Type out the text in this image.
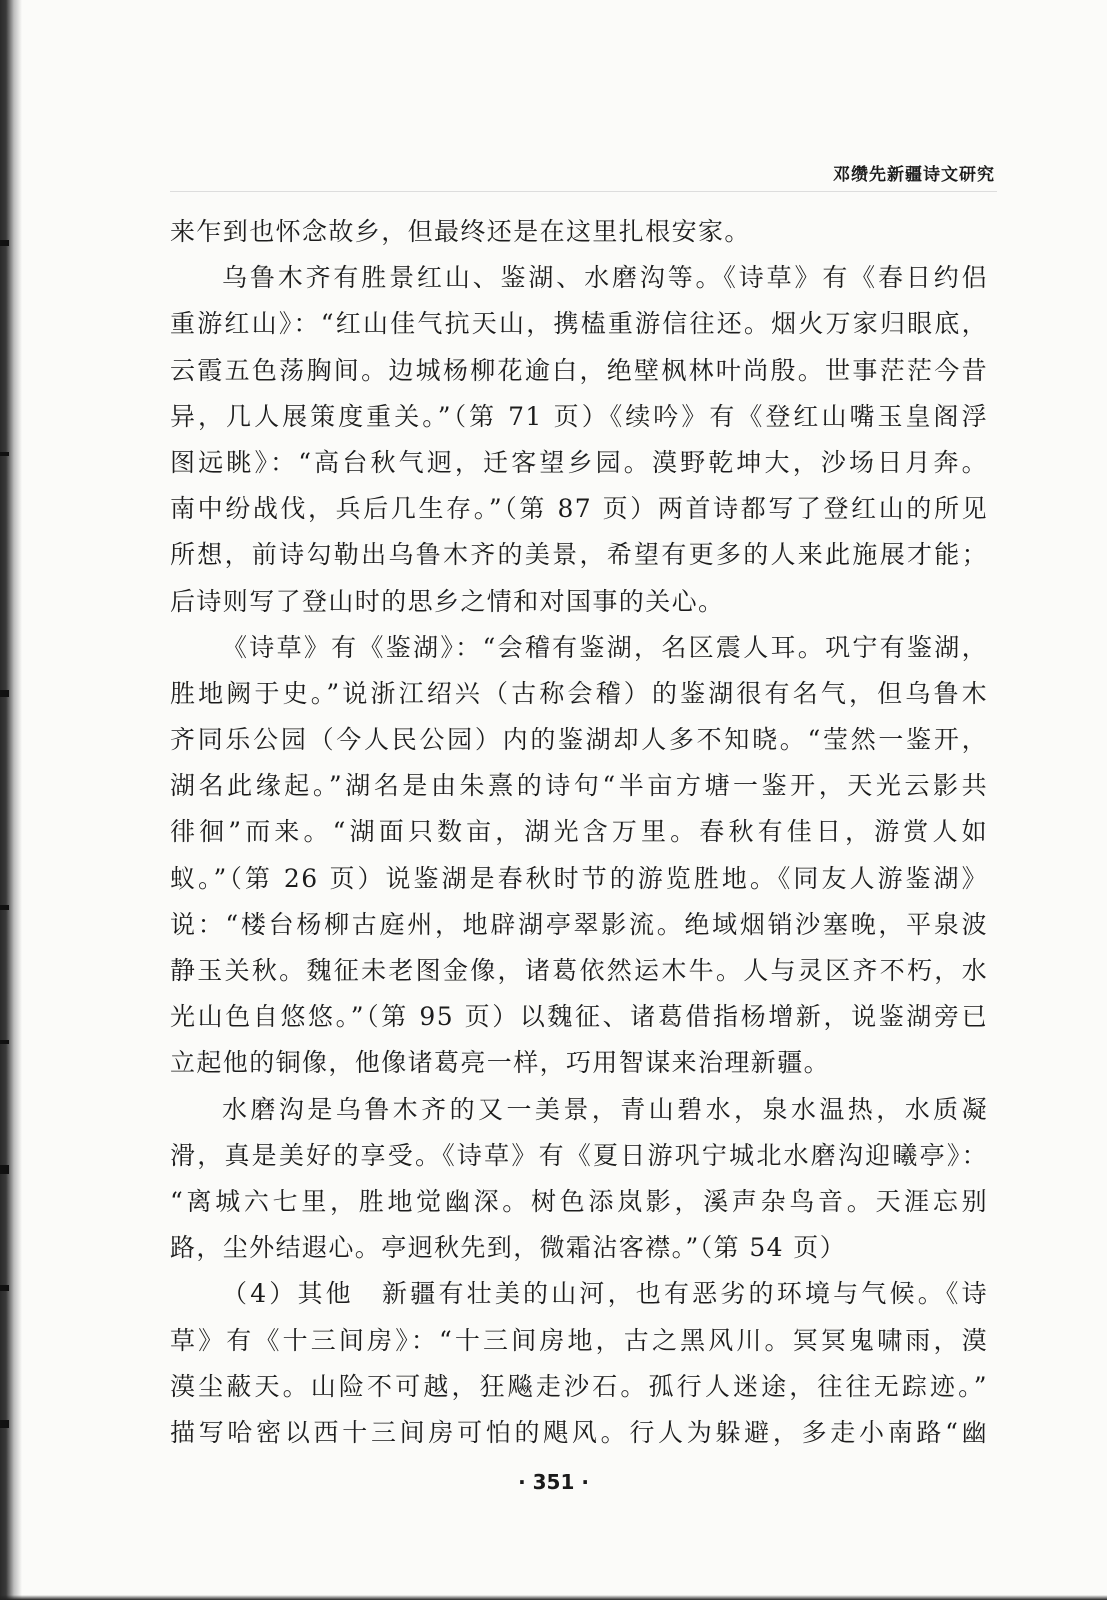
邓缵先新疆诗文研究
来乍到也怀念故乡，但最终还是在这里扎根安家。
乌鲁木齐有胜景红山、鉴湖、水磨沟等。《诗草》有《春日约侣
重游红山》：“红山佳气抗天山，携榼重游信往还。烟火万家归眼底，
云霞五色荡胸间。边城杨柳花逾白，绝壁枫林叶尚殷。世事茫茫今昔
异，几人展策度重关。”（第 71 页）《续吟》有《登红山嘴玉皇阁浮
图远眺》：“高台秋气迥，迁客望乡园。漠野乾坤大，沙场日月奔。
南中纷战伐，兵后几生存。”（第 87 页）两首诗都写了登红山的所见
所想，前诗勾勒出乌鲁木齐的美景，希望有更多的人来此施展才能；
后诗则写了登山时的思乡之情和对国事的关心。
《诗草》有《鉴湖》：“会稽有鉴湖，名区震人耳。巩宁有鉴湖，
胜地阙于史。”说浙江绍兴（古称会稽）的鉴湖很有名气，但乌鲁木
齐同乐公园（今人民公园）内的鉴湖却人多不知晓。“莹然一鉴开，
湖名此缘起。”湖名是由朱熹的诗句“半亩方塘一鉴开，天光云影共
徘徊”而来。“湖面只数亩，湖光含万里。春秋有佳日，游赏人如
蚁。”（第 26 页）说鉴湖是春秋时节的游览胜地。《同友人游鉴湖》
说：“楼台杨柳古庭州，地辟湖亭翠影流。绝域烟销沙塞晚，平泉波
静玉关秋。魏征未老图金像，诸葛依然运木牛。人与灵区齐不朽，水
光山色自悠悠。”（第 95 页）以魏征、诸葛借指杨增新，说鉴湖旁已
立起他的铜像，他像诸葛亮一样，巧用智谋来治理新疆。
水磨沟是乌鲁木齐的又一美景，青山碧水，泉水温热，水质凝
滑，真是美好的享受。《诗草》有《夏日游巩宁城北水磨沟迎曦亭》：
“离城六七里，胜地觉幽深。树色添岚影，溪声杂鸟音。天涯忘别
路，尘外结遐心。亭迥秋先到，微霜沾客襟。”（第 54 页）
（4）其他　新疆有壮美的山河，也有恶劣的环境与气候。《诗
草》有《十三间房》：“十三间房地，古之黑风川。冥冥鬼啸雨，漠
漠尘蔽天。山险不可越，狂飚走沙石。孤行人迷途，往往无踪迹。”
描写哈密以西十三间房可怕的飓风。行人为躲避，多走小南路“幽
· 351 ·
